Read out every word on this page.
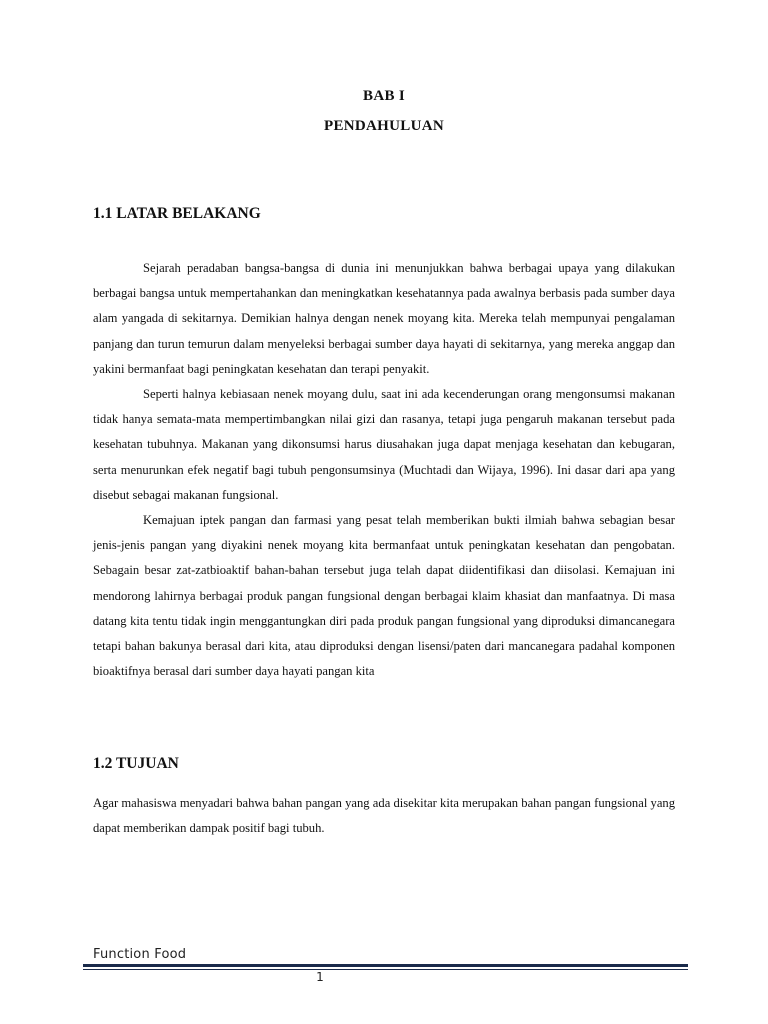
BAB I
PENDAHULUAN
1.1 LATAR BELAKANG

Sejarah peradaban bangsa-bangsa di dunia ini menunjukkan bahwa berbagai upaya yang dilakukan berbagai bangsa untuk mempertahankan dan meningkatkan kesehatannya pada awalnya berbasis pada sumber daya alam yangada di sekitarnya. Demikian halnya dengan nenek moyang kita. Mereka telah mempunyai pengalaman panjang dan turun temurun dalam menyeleksi berbagai sumber daya hayati di sekitarnya, yang mereka anggap dan yakini bermanfaat bagi peningkatan kesehatan dan terapi penyakit.

Seperti halnya kebiasaan nenek moyang dulu, saat ini ada kecenderungan orang mengonsumsi makanan tidak hanya semata-mata mempertimbangkan nilai gizi dan rasanya, tetapi juga pengaruh makanan tersebut pada kesehatan tubuhnya. Makanan yang dikonsumsi harus diusahakan juga dapat menjaga kesehatan dan kebugaran, serta menurunkan efek negatif bagi tubuh pengonsumsinya (Muchtadi dan Wijaya, 1996). Ini dasar dari apa yang disebut sebagai makanan fungsional.

Kemajuan iptek pangan dan farmasi yang pesat telah memberikan bukti ilmiah bahwa sebagian besar jenis-jenis pangan yang diyakini nenek moyang kita bermanfaat untuk peningkatan kesehatan dan pengobatan. Sebagain besar zat-zatbioaktif bahan-bahan tersebut juga telah dapat diidentifikasi dan diisolasi. Kemajuan ini mendorong lahirnya berbagai produk pangan fungsional dengan berbagai klaim khasiat dan manfaatnya. Di masa datang kita tentu tidak ingin menggantungkan diri pada produk pangan fungsional yang diproduksi dimancanegara tetapi bahan bakunya berasal dari kita, atau diproduksi dengan lisensi/paten dari mancanegara padahal komponen bioaktifnya berasal dari sumber daya hayati pangan kita

1.2 TUJUAN

Agar mahasiswa menyadari bahwa bahan pangan yang ada disekitar kita merupakan bahan pangan fungsional yang dapat memberikan dampak positif bagi tubuh.

Function Food
1
